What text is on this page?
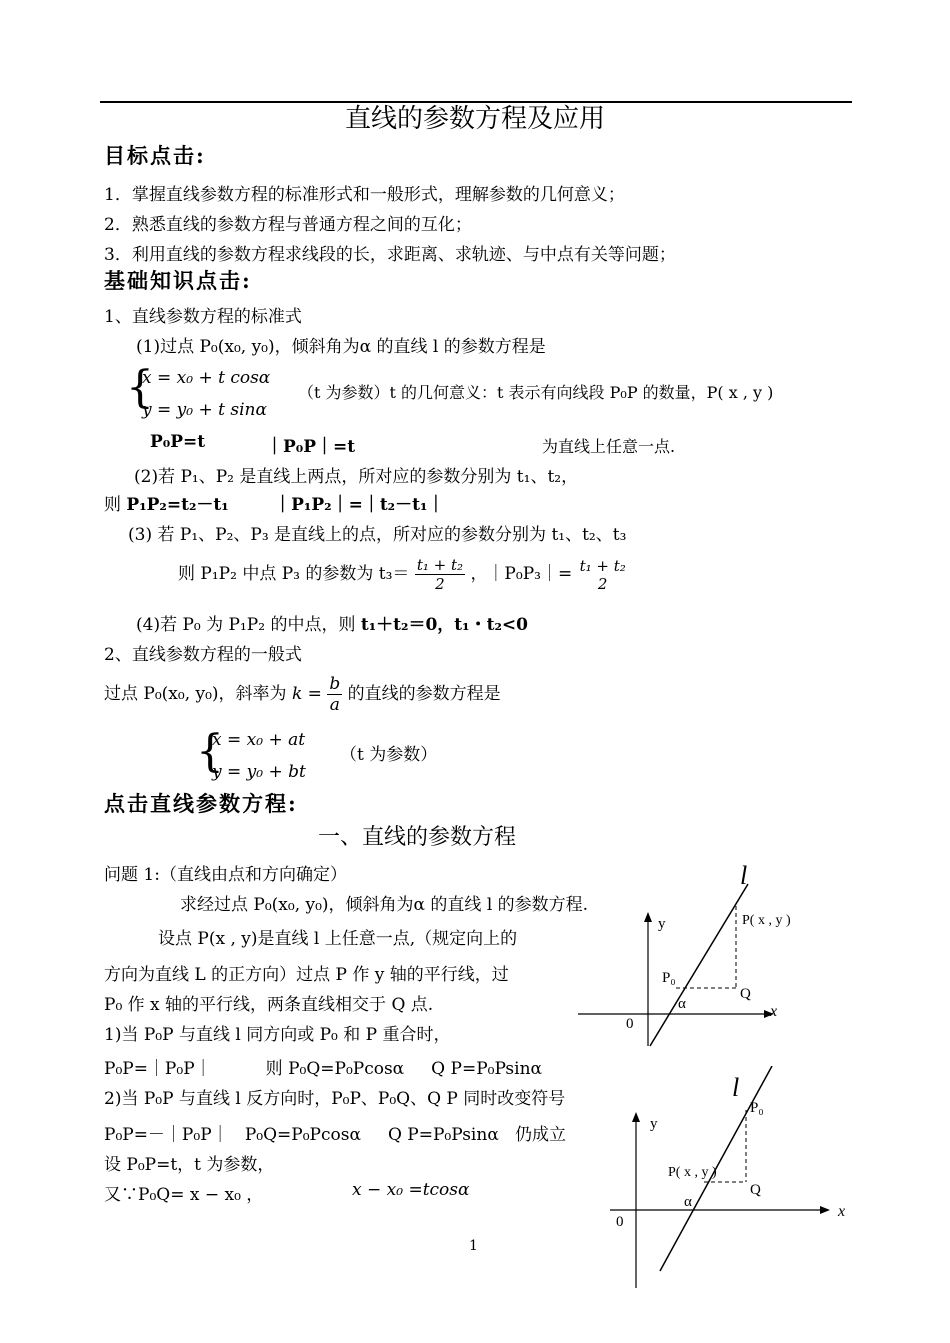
直线的参数方程及应用
目标点击:
1．掌握直线参数方程的标准形式和一般形式，理解参数的几何意义；
2．熟悉直线的参数方程与普通方程之间的互化；
3．利用直线的参数方程求线段的长，求距离、求轨迹、与中点有关等问题；
基础知识点击:
1、直线参数方程的标准式
(1)过点 P₀(x₀, y₀)，倾斜角为α 的直线 l 的参数方程是
{
x = x₀ + t cosα
y = y₀ + t sinα
（t 为参数）t 的几何意义：t 表示有向线段 P₀P 的数量，P( x , y )
P₀P=t	｜P₀P｜=t	为直线上任意一点.
(2)若 P₁、P₂ 是直线上两点，所对应的参数分别为 t₁、t₂，
则 P₁P₂=t₂－t₁	｜P₁P₂｜=｜t₂－t₁｜
(3) 若 P₁、P₂、P₃ 是直线上的点，所对应的参数分别为 t₁、t₂、t₃
则 P₁P₂ 中点 P₃ 的参数为 $t_3= \frac{\text{t₁ + t₂}}{2}$ ，｜P₀P₃｜= t₁ + t₂
2
(4)若 P₀ 为 P₁P₂ 的中点，则 t₁＋t₂＝0，t₁・t₂<0
2、直线参数方程的一般式
过点 P₀(x₀, y₀)，斜率为 $k = \frac{b}{a}$ 的直线的参数方程是
{
x = x₀ + at
y = y₀ + bt
（t 为参数）
点击直线参数方程:
一、直线的参数方程
问题 1:（直线由点和方向确定）
求经过点 P₀(x₀, y₀)，倾斜角为α 的直线 l 的参数方程.
设点 P(x , y)是直线 l 上任意一点,（规定向上的
方向为直线 L 的正方向）过点 P 作 y 轴的平行线，过
P₀ 作 x 轴的平行线，两条直线相交于 Q 点.
1)当 P₀P 与直线 l 同方向或 P₀ 和 P 重合时，
P₀P=｜P₀P｜          则 P₀Q=P₀Pcosα     Q P=P₀Psinα
2)当 P₀P 与直线 l 反方向时，P₀P、P₀Q、Q P 同时改变符号
P₀P=－｜P₀P｜   P₀Q=P₀Pcosα     Q P=P₀Psinα   仍成立
设 P₀P=t，t 为参数，
又∵P₀Q= x − x₀ ，	x − x₀ =tcosα
l
y
x
0
P( x , y )
P₀
Q
α
l
y
x
0
P( x , y )
P₀
Q
α
1
